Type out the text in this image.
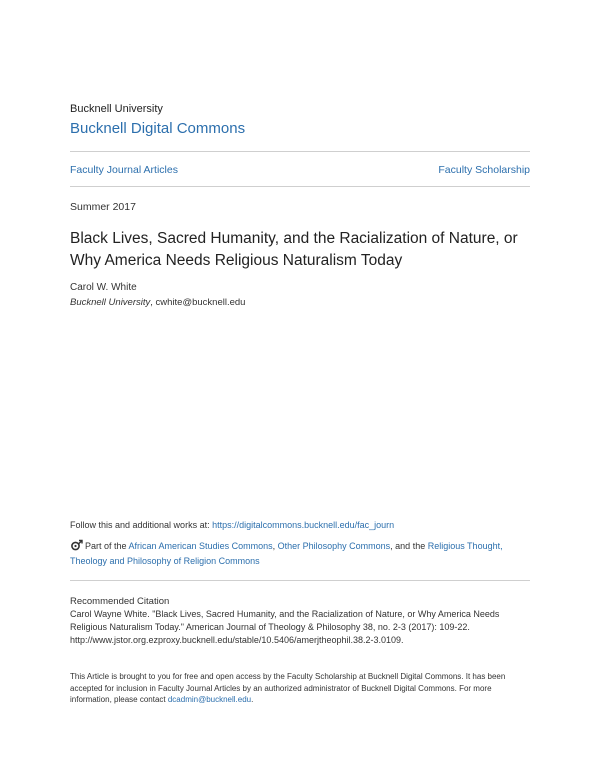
Bucknell University
Bucknell Digital Commons
Faculty Journal Articles	Faculty Scholarship
Summer 2017
Black Lives, Sacred Humanity, and the Racialization of Nature, or Why America Needs Religious Naturalism Today
Carol W. White
Bucknell University, cwhite@bucknell.edu
Follow this and additional works at: https://digitalcommons.bucknell.edu/fac_journ
Part of the African American Studies Commons, Other Philosophy Commons, and the Religious Thought, Theology and Philosophy of Religion Commons
Recommended Citation
Carol Wayne White. "Black Lives, Sacred Humanity, and the Racialization of Nature, or Why America Needs Religious Naturalism Today." American Journal of Theology & Philosophy 38, no. 2-3 (2017): 109-22. http://www.jstor.org.ezproxy.bucknell.edu/stable/10.5406/amerjtheophil.38.2-3.0109.
This Article is brought to you for free and open access by the Faculty Scholarship at Bucknell Digital Commons. It has been accepted for inclusion in Faculty Journal Articles by an authorized administrator of Bucknell Digital Commons. For more information, please contact dcadmin@bucknell.edu.
